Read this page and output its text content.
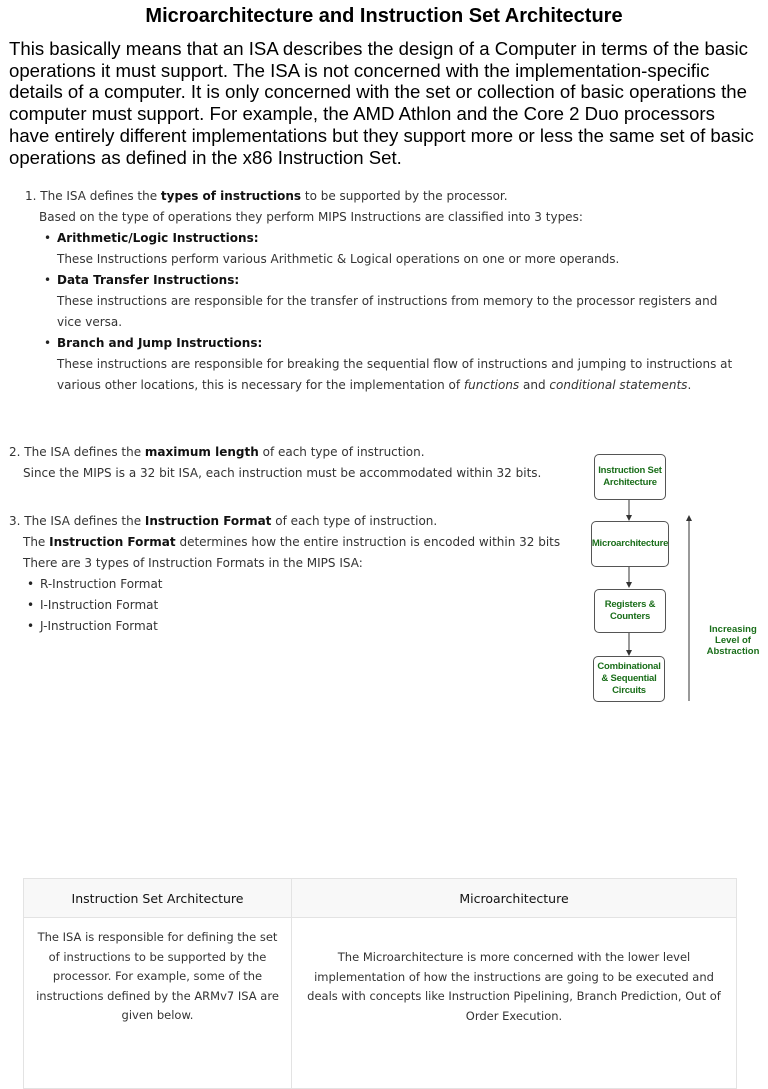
Microarchitecture and Instruction Set Architecture
This basically means that an ISA describes the design of a Computer in terms of the basic operations it must support. The ISA is not concerned with the implementation-specific details of a computer. It is only concerned with the set or collection of basic operations the computer must support. For example, the AMD Athlon and the Core 2 Duo processors have entirely different implementations but they support more or less the same set of basic operations as defined in the x86 Instruction Set.
1. The ISA defines the types of instructions to be supported by the processor.
Based on the type of operations they perform MIPS Instructions are classified into 3 types:
• Arithmetic/Logic Instructions:
These Instructions perform various Arithmetic & Logical operations on one or more operands.
• Data Transfer Instructions:
These instructions are responsible for the transfer of instructions from memory to the processor registers and vice versa.
• Branch and Jump Instructions:
These instructions are responsible for breaking the sequential flow of instructions and jumping to instructions at various other locations, this is necessary for the implementation of functions and conditional statements.
2. The ISA defines the maximum length of each type of instruction.
Since the MIPS is a 32 bit ISA, each instruction must be accommodated within 32 bits.
3. The ISA defines the Instruction Format of each type of instruction.
The Instruction Format determines how the entire instruction is encoded within 32 bits
There are 3 types of Instruction Formats in the MIPS ISA:
• R-Instruction Format
• I-Instruction Format
• J-Instruction Format
Instruction Set Architecture
Microarchitecture
Registers & Counters
Combinational & Sequential Circuits
Increasing Level of Abstraction
Instruction Set Architecture	Microarchitecture
The ISA is responsible for defining the set of instructions to be supported by the processor. For example, some of the instructions defined by the ARMv7 ISA are given below.	The Microarchitecture is more concerned with the lower level implementation of how the instructions are going to be executed and deals with concepts like Instruction Pipelining, Branch Prediction, Out of Order Execution.
